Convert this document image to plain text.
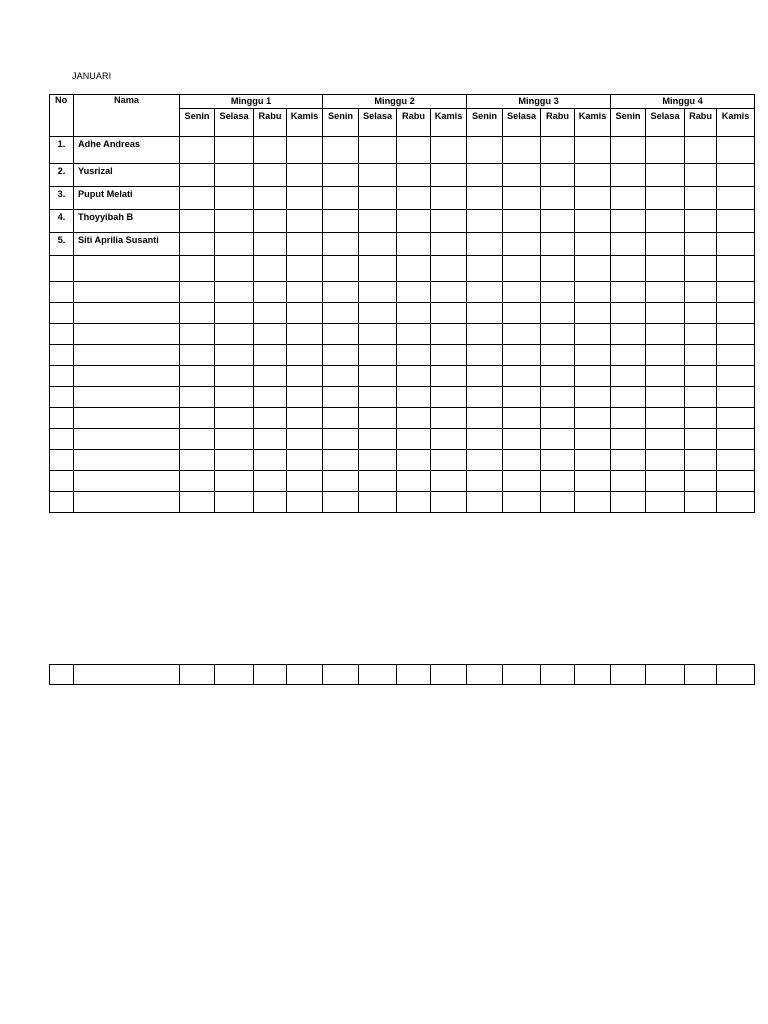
JANUARI
No	Nama	Minggu 1				Minggu 2				Minggu 3				Minggu 4			
		Senin	Selasa	Rabu	Kamis	Senin	Selasa	Rabu	Kamis	Senin	Selasa	Rabu	Kamis	Senin	Selasa	Rabu	Kamis
1.	Adhe Andreas																
2.	Yusrizal																
3.	Puput Melati																
4.	Thoyyibah B																
5.	Siti Aprilia Susanti																
